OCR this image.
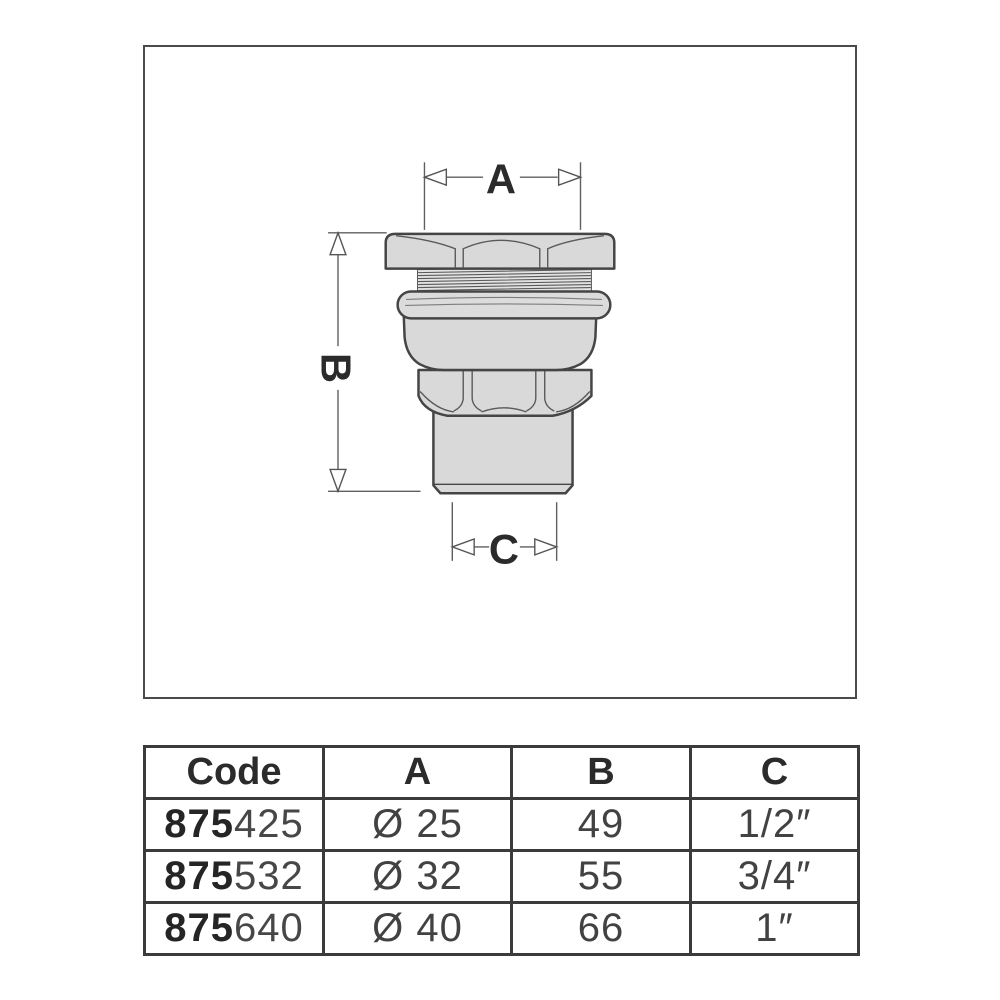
A
B
C
Code	A	B	C
875425	Ø 25	49	1/2″
875532	Ø 32	55	3/4″
875640	Ø 40	66	1″
